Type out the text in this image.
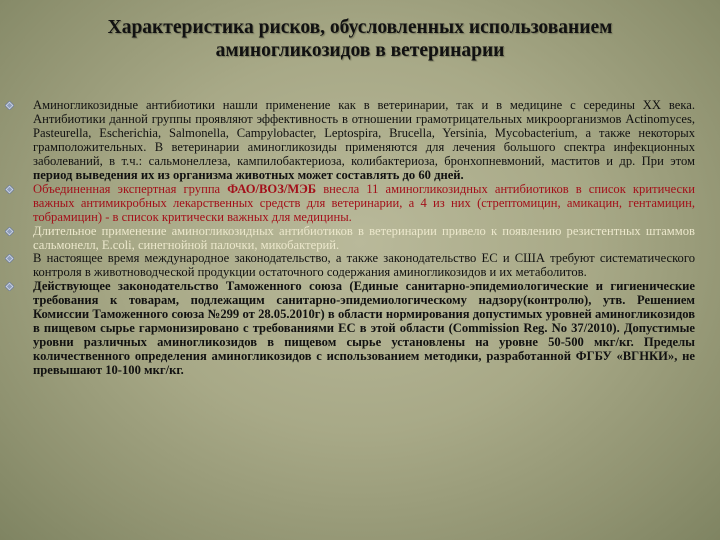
Характеристика рисков, обусловленных использованием
аминогликозидов в ветеринарии

Аминогликозидные антибиотики нашли применение как в ветеринарии, так и в медицине с середины XX века. Антибиотики данной группы проявляют эффективность в отношении грамотрицательных микроорганизмов Actinomyces, Pasteurella, Escherichia, Salmonella, Campylobacter, Leptospira, Brucella, Yersinia, Mycobacterium, а также некоторых грамположительных. В ветеринарии аминогликозиды применяются для лечения большого спектра инфекционных заболеваний, в т.ч.: сальмонеллеза, кампилобактериоза, колибактериоза, бронхопневмоний, маститов и др. При этом период выведения их из организма животных может составлять до 60 дней.

Объединенная экспертная группа ФАО/ВОЗ/МЭБ внесла 11 аминогликозидных антибиотиков в список критически важных антимикробных лекарственных средств для ветеринарии, а 4 из них (стрептомицин, амикацин, гентамицин, тобрамицин) - в список критически важных для медицины.

Длительное применение аминогликозидных антибиотиков в ветеринарии привело к появлению резистентных штаммов сальмонелл, E.coli, синегнойной палочки, микобактерий.

В настоящее время международное законодательство, а также законодательство ЕС и США требуют систематического контроля в животноводческой продукции остаточного содержания аминогликозидов и их метаболитов.

Действующее законодательство Таможенного союза (Единые санитарно-эпидемиологические и гигиенические требования к товарам, подлежащим санитарно-эпидемиологическому надзору(контролю), утв. Решением Комиссии Таможенного союза №299 от 28.05.2010г) в области нормирования допустимых уровней аминогликозидов в пищевом сырье гармонизировано с требованиями ЕС в этой области (Commission Reg. No 37/2010). Допустимые уровни различных аминогликозидов в пищевом сырье установлены на уровне 50-500 мкг/кг. Пределы количественного определения аминогликозидов с использованием методики, разработанной ФГБУ «ВГНКИ», не превышают 10-100 мкг/кг.
